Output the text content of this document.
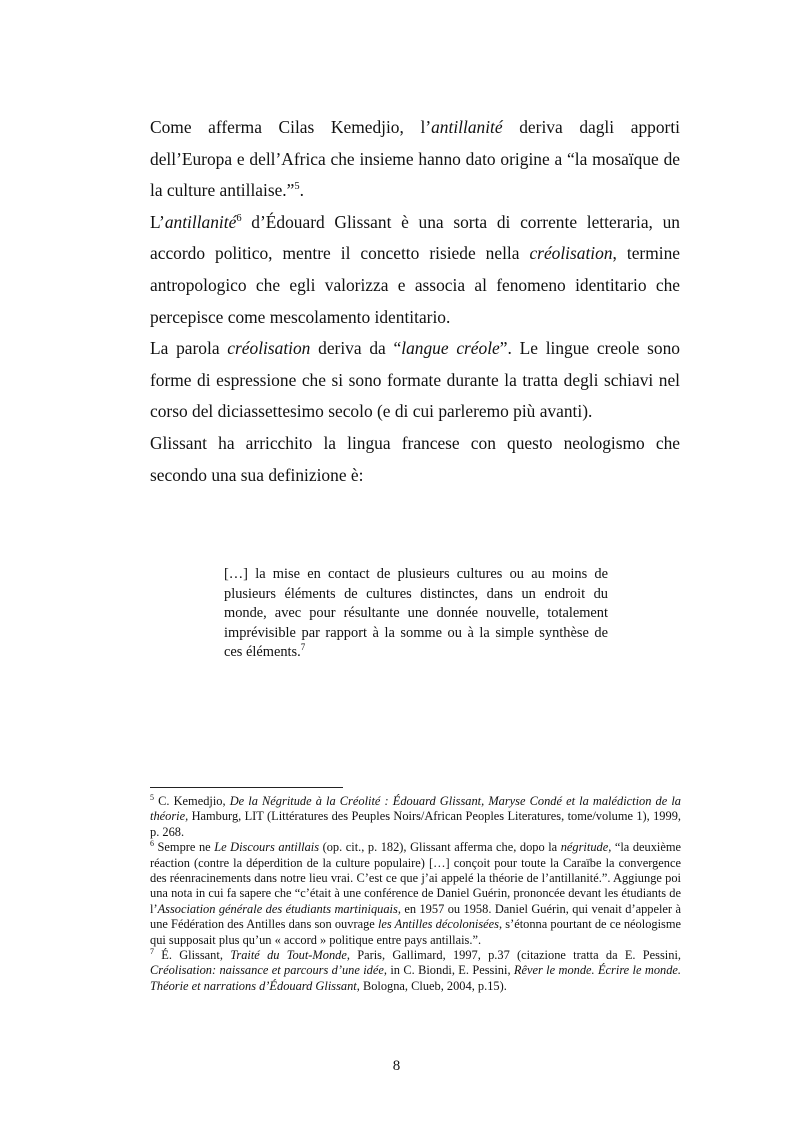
Come afferma Cilas Kemedjio, l’antillanité deriva dagli apporti dell’Europa e dell’Africa che insieme hanno dato origine a “la mosaïque de la culture antillaise.”$^5$.

L’antillanité$^6$ d’Édouard Glissant è una sorta di corrente letteraria, un accordo politico, mentre il concetto risiede nella créolisation, termine antropologico che egli valorizza e associa al fenomeno identitario che percepisce come mescolamento identitario.

La parola créolisation deriva da “langue créole”. Le lingue creole sono forme di espressione che si sono formate durante la tratta degli schiavi nel corso del diciassettesimo secolo (e di cui parleremo più avanti).

Glissant ha arricchito la lingua francese con questo neologismo che secondo una sua definizione è:

[…] la mise en contact de plusieurs cultures ou au moins de plusieurs éléments de cultures distinctes, dans un endroit du monde, avec pour résultante une donnée nouvelle, totalement imprévisible par rapport à la somme ou à la simple synthèse de ces éléments.$^7$

$^5$ C. Kemedjio, De la Négritude à la Créolité : Édouard Glissant, Maryse Condé et la malédiction de la théorie, Hamburg, LIT (Littératures des Peuples Noirs/African Peoples Literatures, tome/volume 1), 1999, p. 268.

$^6$ Sempre ne Le Discours antillais (op. cit., p. 182), Glissant afferma che, dopo la négritude, “la deuxième réaction (contre la déperdition de la culture populaire) […] conçoit pour toute la Caraïbe la convergence des réenracinements dans notre lieu vrai. C’est ce que j’ai appelé la théorie de l’antillanité.”. Aggiunge poi una nota in cui fa sapere che “c’était à une conférence de Daniel Guérin, prononcée devant les étudiants de l’Association générale des étudiants martiniquais, en 1957 ou 1958. Daniel Guérin, qui venait d’appeler à une Fédération des Antilles dans son ouvrage les Antilles décolonisées, s’étonna pourtant de ce néologisme qui supposait plus qu’un « accord » politique entre pays antillais.”.

$^7$ É. Glissant, Traité du Tout-Monde, Paris, Gallimard, 1997, p.37 (citazione tratta da E. Pessini, Créolisation: naissance et parcours d’une idée, in C. Biondi, E. Pessini, Rêver le monde. Écrire le monde. Théorie et narrations d’Édouard Glissant, Bologna, Clueb, 2004, p.15).

8
